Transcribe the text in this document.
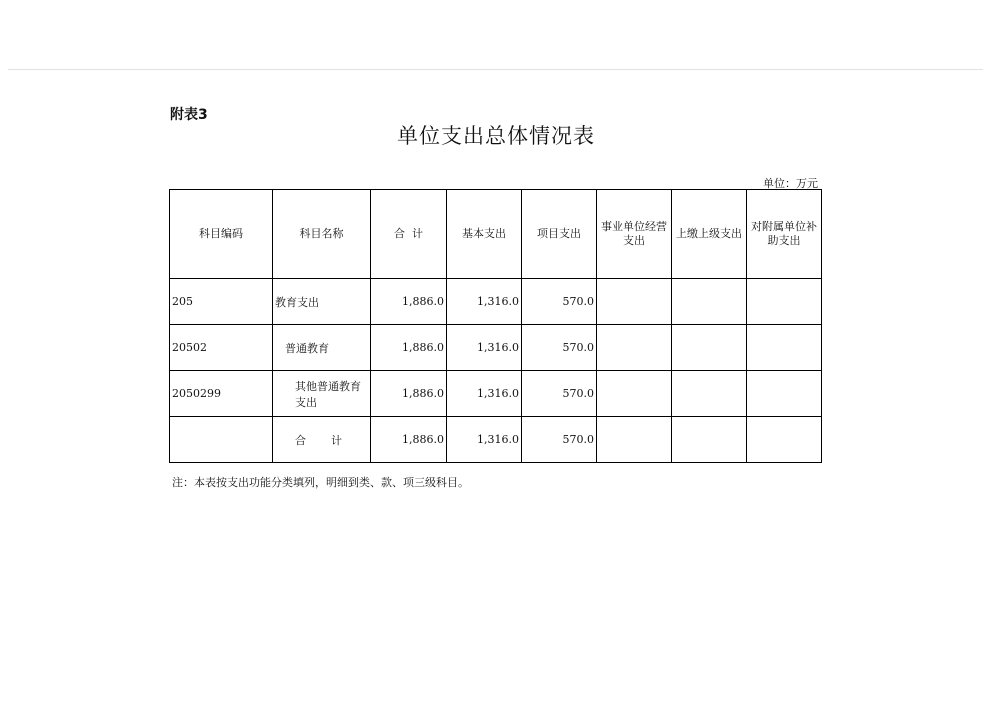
附表3
单位支出总体情况表
单位：万元
科目编码	科目名称	合  计	基本支出	项目支出	事业单位经营支出	上缴上级支出	对附属单位补助支出
205	教育支出	1,886.0	1,316.0	570.0			
20502	普通教育	1,886.0	1,316.0	570.0			
2050299	其他普通教育支出	1,886.0	1,316.0	570.0			
	合  计	1,886.0	1,316.0	570.0			
注：本表按支出功能分类填列，明细到类、款、项三级科目。
